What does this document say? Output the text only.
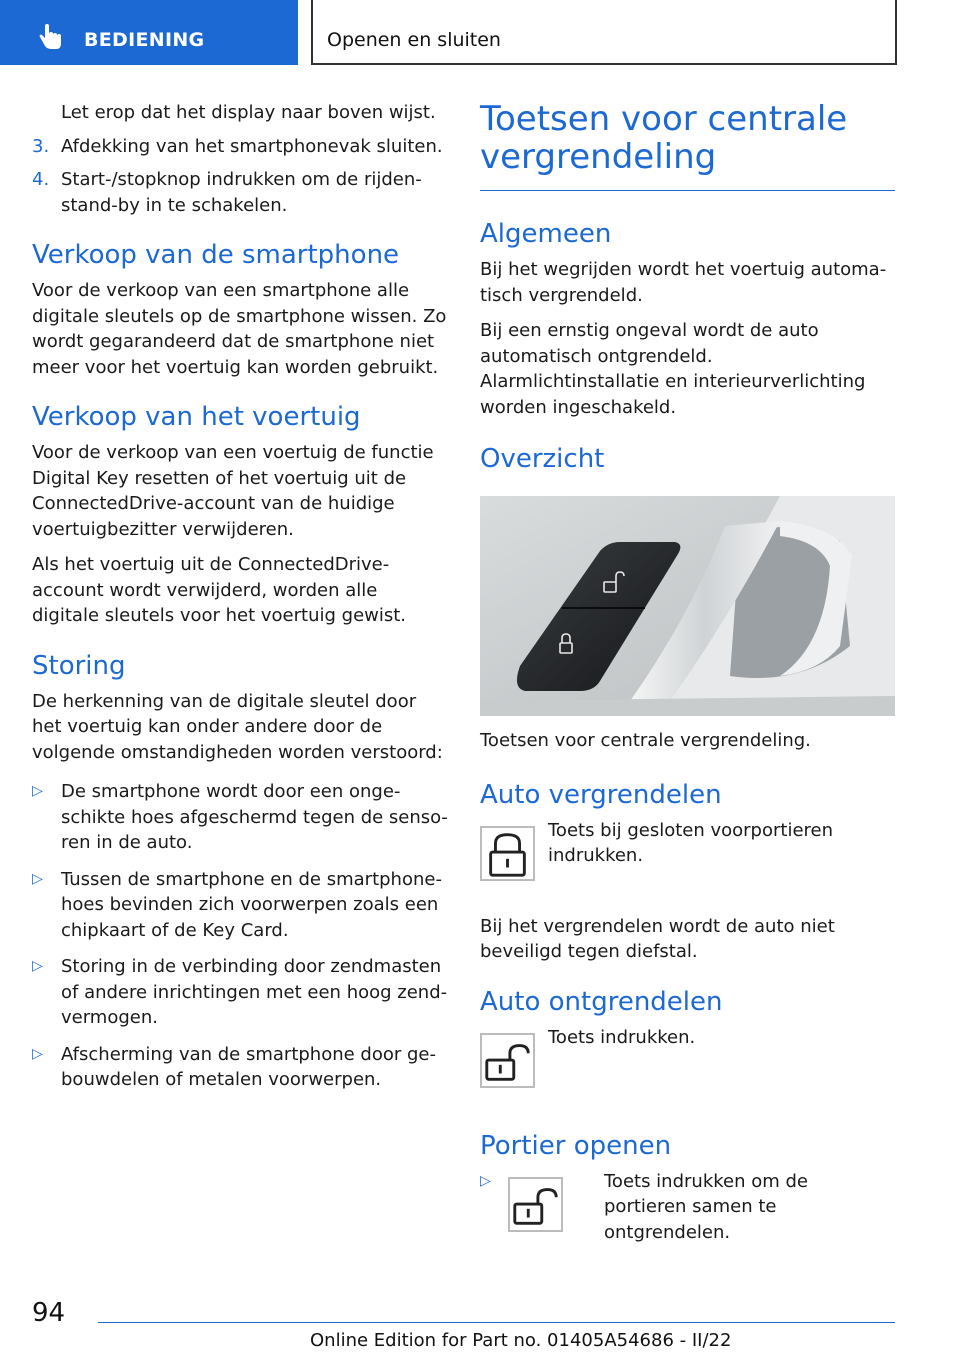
BEDIENING	Openen en sluiten

Let erop dat het display naar boven wijst.

3. Afdekking van het smartphonevak sluiten.
4. Start-/stopknop indrukken om de rijdenstand-by in te schakelen.
Verkoop van de smartphone

Voor de verkoop van een smartphone alle digitale sleutels op de smartphone wissen. Zo wordt gegarandeerd dat de smartphone niet meer voor het voertuig kan worden gebruikt.

Verkoop van het voertuig

Voor de verkoop van een voertuig de functie Digital Key resetten of het voertuig uit de ConnectedDrive-account van de huidige voertuigbezitter verwijderen.

Als het voertuig uit de ConnectedDrive-account wordt verwijderd, worden alle digitale sleutels voor het voertuig gewist.

Storing

De herkenning van de digitale sleutel door het voertuig kan onder andere door de volgende omstandigheden worden verstoord:

▷ De smartphone wordt door een ongeschikte hoes afgeschermd tegen de sensoren in de auto.
▷ Tussen de smartphone en de smartphonehoes bevinden zich voorwerpen zoals een chipkaart of de Key Card.
▷ Storing in de verbinding door zendmasten of andere inrichtingen met een hoog zendvermogen.
▷ Afscherming van de smartphone door gebouwdelen of metalen voorwerpen.
Toetsen voor centrale vergrendeling
Algemeen

Bij het wegrijden wordt het voertuig automatisch vergrendeld.

Bij een ernstig ongeval wordt de auto automatisch ontgrendeld. Alarmlichtinstallatie en interieurverlichting worden ingeschakeld.

Overzicht

Toetsen voor centrale vergrendeling.

Auto vergrendelen

Toets bij gesloten voorportieren indrukken.

Bij het vergrendelen wordt de auto niet beveiligd tegen diefstal.

Auto ontgrendelen

Toets indrukken.

Portier openen
▷	Toets indrukken om de portieren samen te ontgrendelen.

94
Online Edition for Part no. 01405A54686 - II/22
